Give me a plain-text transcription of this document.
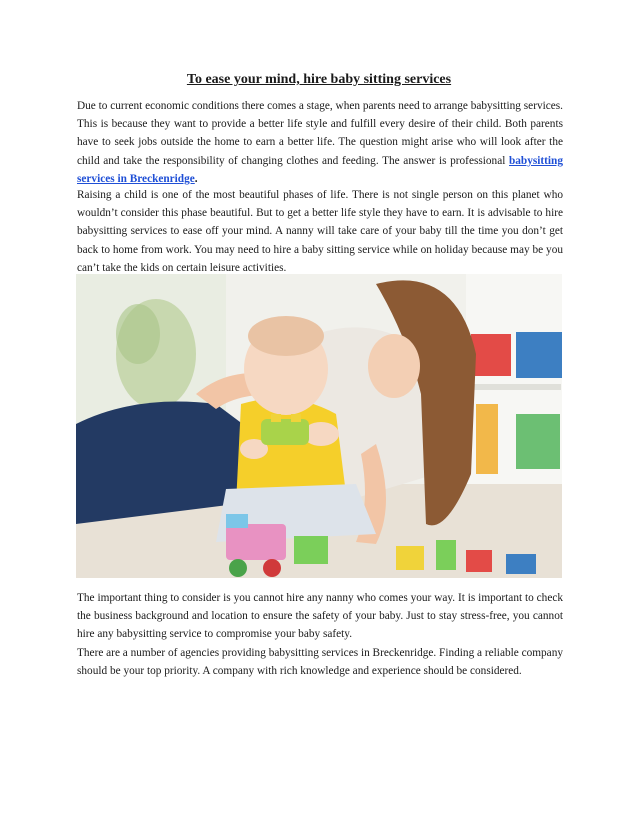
To ease your mind, hire baby sitting services

Due to current economic conditions there comes a stage, when parents need to arrange babysitting services. This is because they want to provide a better life style and fulfill every desire of their child. Both parents have to seek jobs outside the home to earn a better life. The question might arise who will look after the child and take the responsibility of changing clothes and feeding. The answer is professional babysitting services in Breckenridge.

Raising a child is one of the most beautiful phases of life. There is not single person on this planet who wouldn’t consider this phase beautiful. But to get a better life style they have to earn. It is advisable to hire babysitting services to ease off your mind. A nanny will take care of your baby till the time you don’t get back to home from work. You may need to hire a baby sitting service while on holiday because may be you can’t take the kids on certain leisure activities.

The important thing to consider is you cannot hire any nanny who comes your way. It is important to check the business background and location to ensure the safety of your baby. Just to stay stress-free, you cannot hire any babysitting service to compromise your baby safety.

There are a number of agencies providing babysitting services in Breckenridge. Finding a reliable company should be your top priority. A company with rich knowledge and experience should be considered.
